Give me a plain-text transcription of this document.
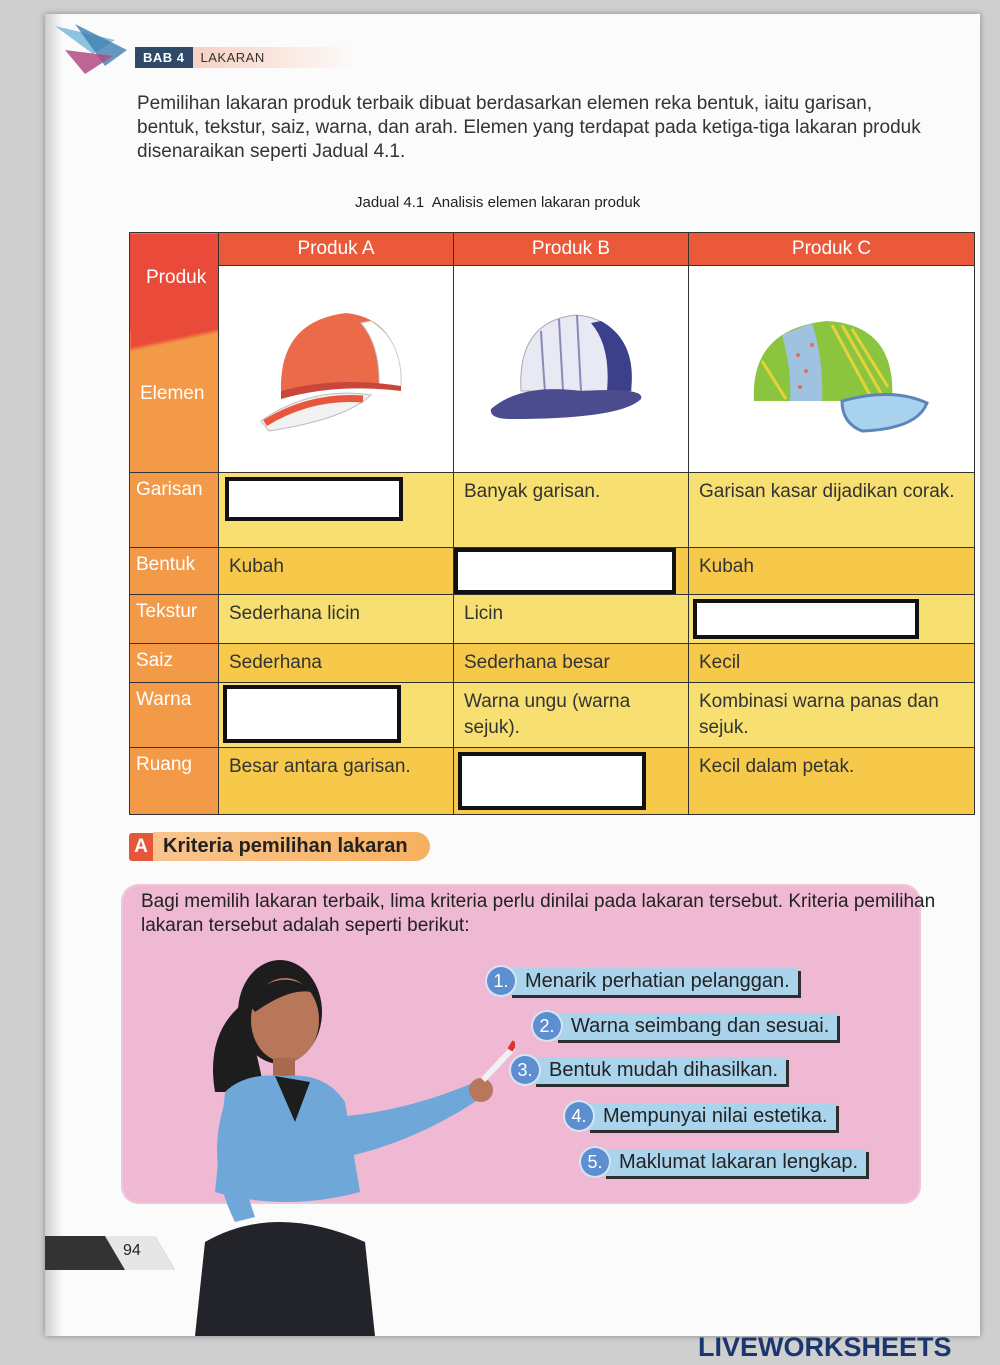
BAB 4	LAKARAN
Pemilihan lakaran produk terbaik dibuat berdasarkan elemen reka bentuk, iaitu garisan, bentuk, tekstur, saiz, warna, dan arah. Elemen yang terdapat pada ketiga-tiga lakaran produk disenaraikan seperti Jadual 4.1.
Jadual 4.1 Analisis elemen lakaran produk
Produk
Elemen	Produk A	Produk B	Produk C

Garisan		Banyak garisan.	Garisan kasar dijadikan corak.
Bentuk	Kubah		Kubah
Tekstur	Sederhana licin	Licin	

Saiz	Sederhana	Sederhana besar	Kecil
Warna		Warna ungu (warna sejuk).	Kombinasi warna panas dan sejuk.
Ruang	Besar antara garisan.		Kecil dalam petak.
A Kriteria pemilihan lakaran
Bagi memilih lakaran terbaik, lima kriteria perlu dinilai pada lakaran tersebut. Kriteria pemilihan lakaran tersebut adalah seperti berikut:
1. Menarik perhatian pelanggan.
2. Warna seimbang dan sesuai.
3. Bentuk mudah dihasilkan.
4. Mempunyai nilai estetika.
5. Maklumat lakaran lengkap.
94
LIVEWORKSHEETS
